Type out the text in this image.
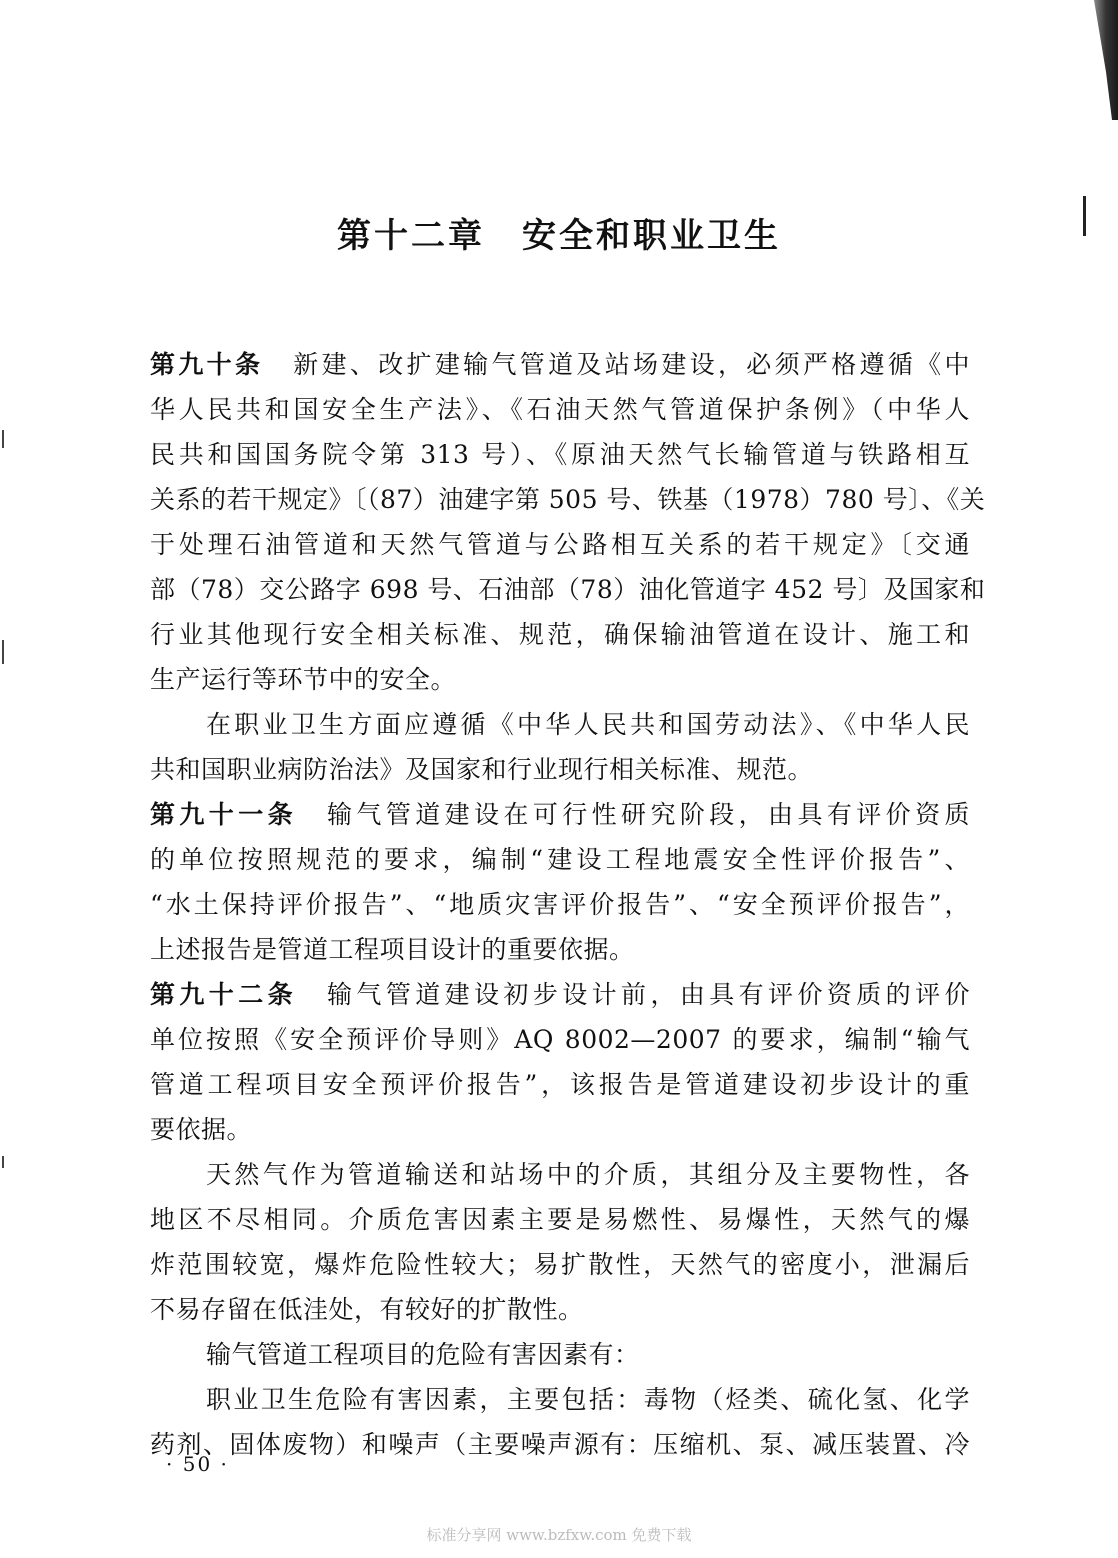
第十二章　安全和职业卫生
第九十条 新建、改扩建输气管道及站场建设，必须严格遵循《中
华人民共和国安全生产法》、《石油天然气管道保护条例》（中华人
民共和国国务院令第 313 号）、《原油天然气长输管道与铁路相互
关系的若干规定》〔（87）油建字第 505 号、铁基（1978）780 号〕、《关
于处理石油管道和天然气管道与公路相互关系的若干规定》〔交通
部（78）交公路字 698 号、石油部（78）油化管道字 452 号〕及国家和
行业其他现行安全相关标准、规范，确保输油管道在设计、施工和
生产运行等环节中的安全。
在职业卫生方面应遵循《中华人民共和国劳动法》、《中华人民
共和国职业病防治法》及国家和行业现行相关标准、规范。
第九十一条 输气管道建设在可行性研究阶段，由具有评价资质
的单位按照规范的要求，编制“建设工程地震安全性评价报告”、
“水土保持评价报告”、“地质灾害评价报告”、“安全预评价报告”，
上述报告是管道工程项目设计的重要依据。
第九十二条 输气管道建设初步设计前，由具有评价资质的评价
单位按照《安全预评价导则》AQ 8002—2007 的要求，编制“输气
管道工程项目安全预评价报告”，该报告是管道建设初步设计的重
要依据。
天然气作为管道输送和站场中的介质，其组分及主要物性，各
地区不尽相同。介质危害因素主要是易燃性、易爆性，天然气的爆
炸范围较宽，爆炸危险性较大；易扩散性，天然气的密度小，泄漏后
不易存留在低洼处，有较好的扩散性。
输气管道工程项目的危险有害因素有：
职业卫生危险有害因素，主要包括：毒物（烃类、硫化氢、化学
药剂、固体废物）和噪声（主要噪声源有：压缩机、泵、减压装置、冷
· 50 ·
标准分享网 www.bzfxw.com 免费下载
